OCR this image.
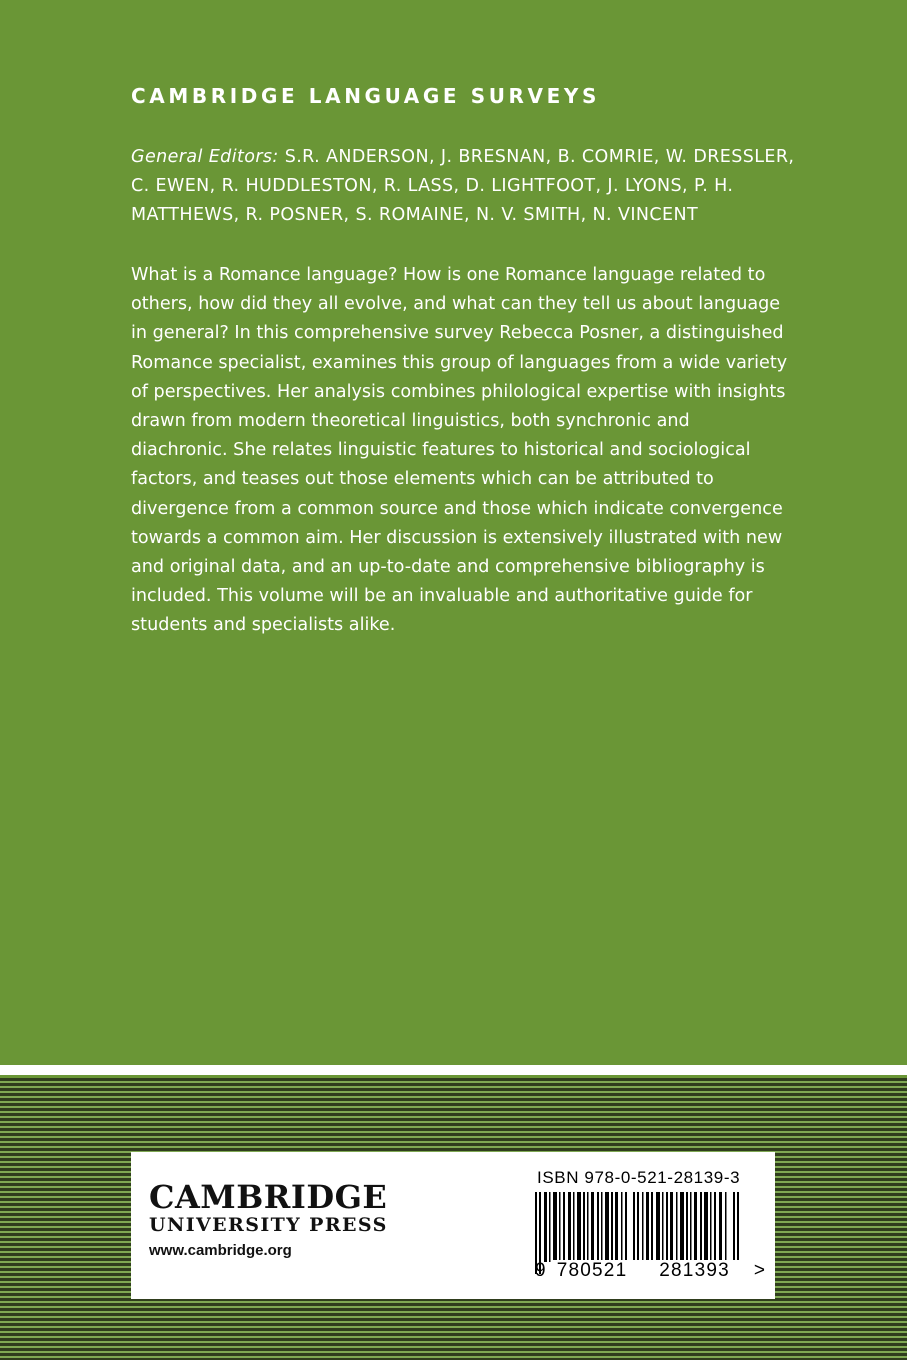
CAMBRIDGE LANGUAGE SURVEYS

General Editors: S.R. ANDERSON, J. BRESNAN, B. COMRIE, W. DRESSLER, C. EWEN, R. HUDDLESTON, R. LASS, D. LIGHTFOOT, J. LYONS, P. H. MATTHEWS, R. POSNER, S. ROMAINE, N. V. SMITH, N. VINCENT

What is a Romance language? How is one Romance language related to others, how did they all evolve, and what can they tell us about language in general? In this comprehensive survey Rebecca Posner, a distinguished Romance specialist, examines this group of languages from a wide variety of perspectives. Her analysis combines philological expertise with insights drawn from modern theoretical linguistics, both synchronic and diachronic. She relates linguistic features to historical and sociological factors, and teases out those elements which can be attributed to divergence from a common source and those which indicate convergence towards a common aim. Her discussion is extensively illustrated with new and original data, and an up-to-date and comprehensive bibliography is included. This volume will be an invaluable and authoritative guide for students and specialists alike.

CAMBRIDGE
UNIVERSITY PRESS
www.cambridge.org
ISBN 978-0-521-28139-3
9 780521	281393	>
